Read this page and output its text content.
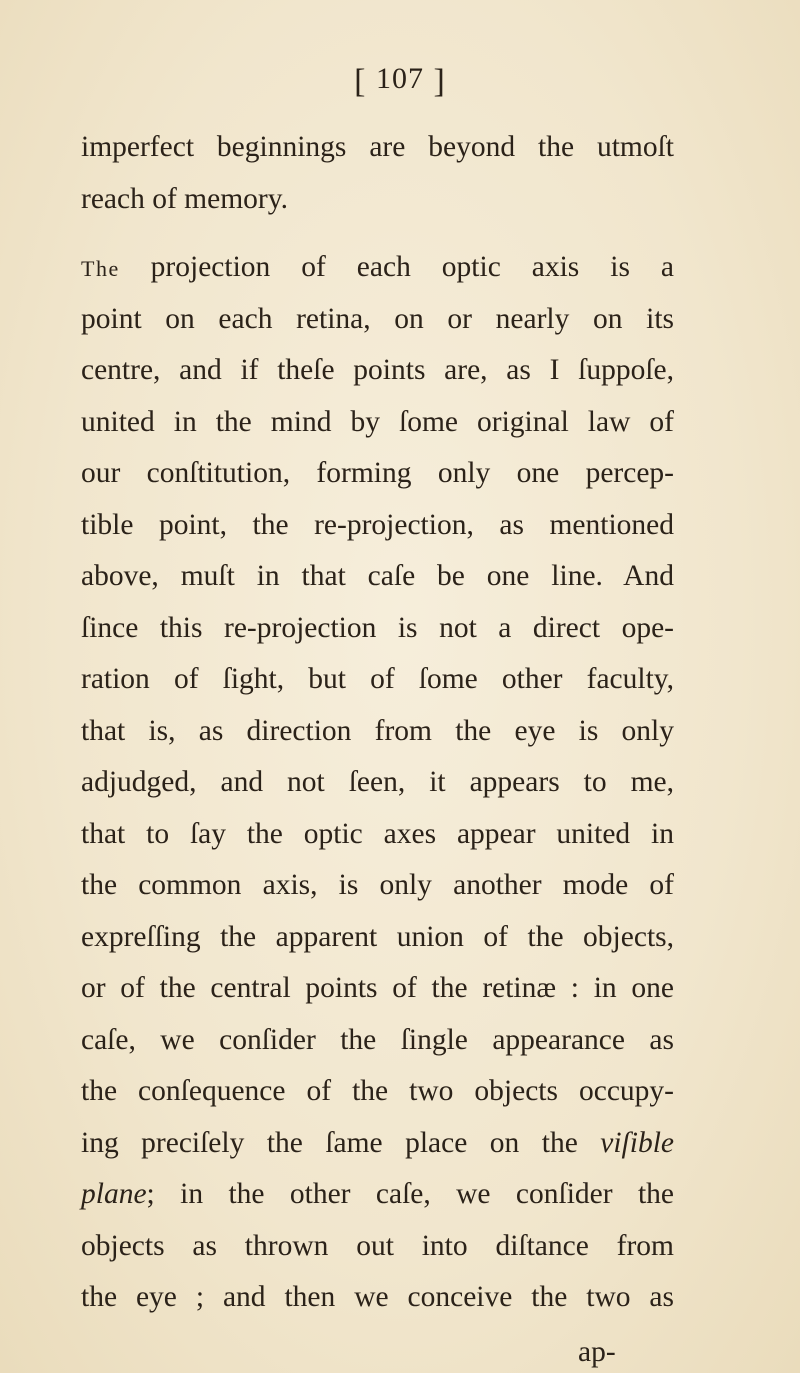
[ 107 ]
imperfect beginnings are beyond the utmoſt
reach of memory.
The projection of each optic axis is a
point on each retina, on or nearly on its
centre, and if theſe points are, as I ſuppoſe,
united in the mind by ſome original law of
our conſtitution, forming only one percep-
tible point, the re-projection, as mentioned
above, muſt in that caſe be one line. And
ſince this re-projection is not a direct ope-
ration of ſight, but of ſome other faculty,
that is, as direction from the eye is only
adjudged, and not ſeen, it appears to me,
that to ſay the optic axes appear united in
the common axis, is only another mode of
expreſſing the apparent union of the objects,
or of the central points of the retinæ : in one
caſe, we conſider the ſingle appearance as
the conſequence of the two objects occupy-
ing preciſely the ſame place on the viſible
plane; in the other caſe, we conſider the
objects as thrown out into diſtance from
the eye ; and then we conceive the two as
ap-
